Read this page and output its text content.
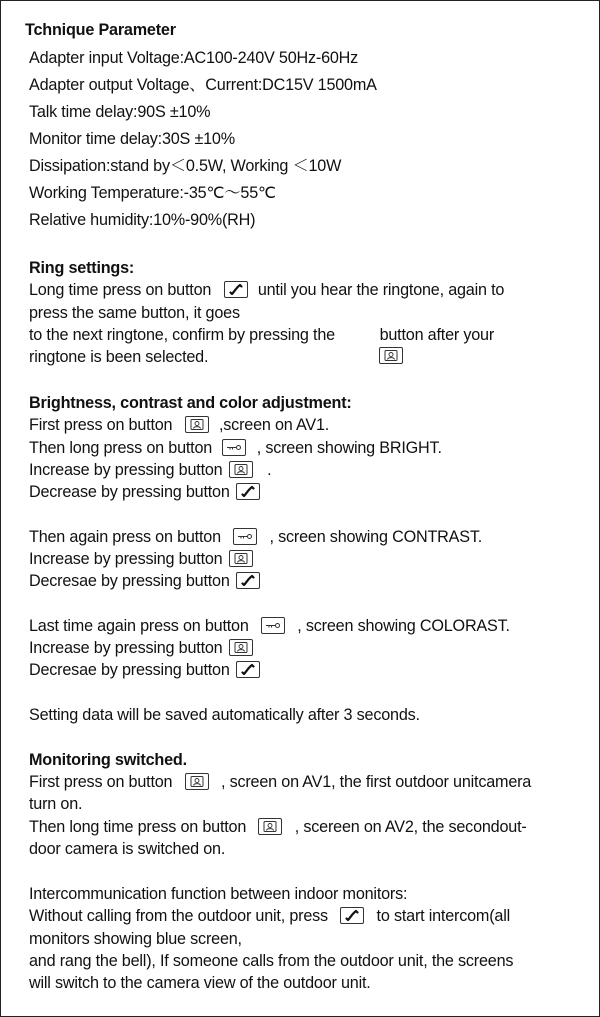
Tchnique Parameter
Adapter input Voltage:AC100-240V 50Hz-60Hz
Adapter output Voltage、Current:DC15V 1500mA
Talk time delay:90S ±10%
Monitor time delay:30S ±10%
Dissipation:stand by＜0.5W, Working ＜10W
Working Temperature:-35℃～55℃
Relative humidity:10%-90%(RH)
Ring settings:
Long time press on button	until you hear the ringtone, again to
press the same button, it goes
to the next ringtone, confirm by pressing the	button after your
ringtone is been selected.
Brightness, contrast and color adjustment:
First press on button	,screen on AV1.
Then long press on button	, screen showing BRIGHT.
Increase by pressing button	.
Decrease by pressing button
Then again press on button	, screen showing CONTRAST.
Increase by pressing button
Decresae by pressing button
Last time again press on button	, screen showing COLORAST.
Increase by pressing button
Decresae by pressing button
Setting data will be saved automatically after 3 seconds.
Monitoring switched.
First press on button	, screen on AV1, the first outdoor unitcamera
turn on.
Then long time press on button	, scereen on AV2, the secondout-
door camera is switched on.
Intercommunication function between indoor monitors:
Without calling from the outdoor unit, press	to start intercom(all
monitors showing blue screen,
and rang the bell), If someone calls from the outdoor unit, the screens
will switch to the camera view of the outdoor unit.
